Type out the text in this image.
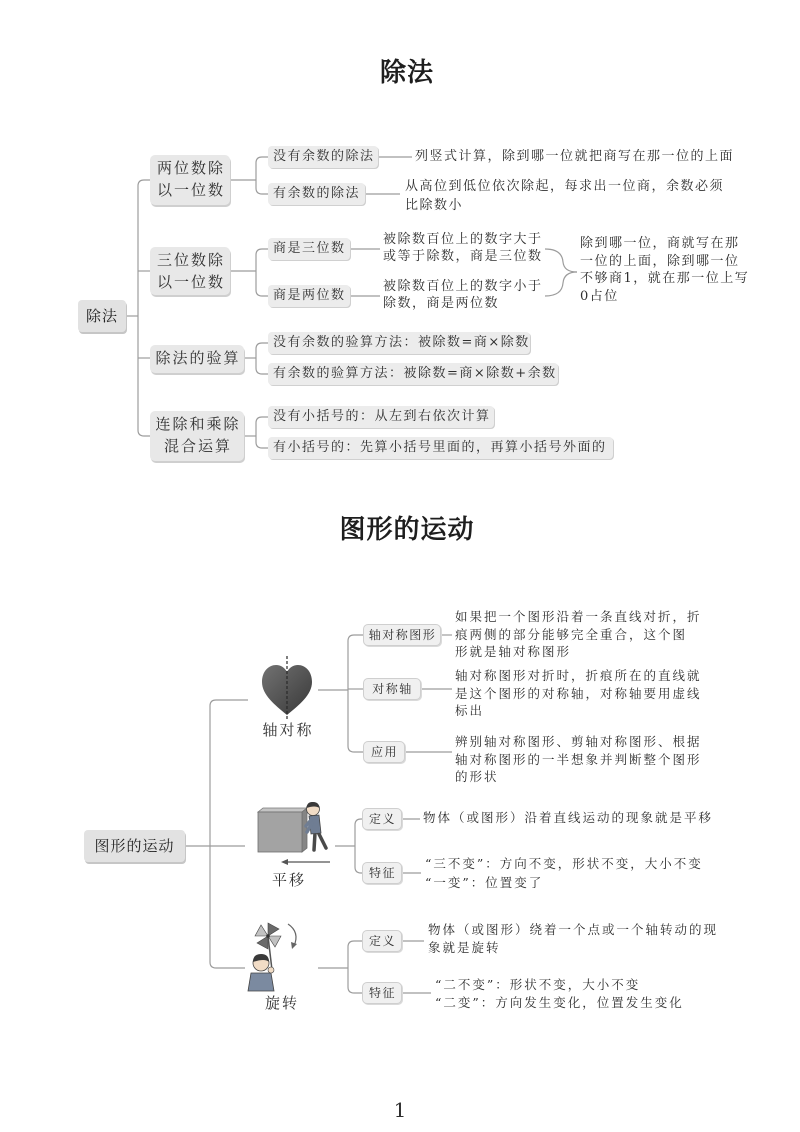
除法
除法
两位数除
以一位数
没有余数的除法	列竖式计算，除到哪一位就把商写在那一位的上面
有余数的除法	从高位到低位依次除起，每求出一位商，余数必须
比除数小
三位数除
以一位数
商是三位数
被除数百位上的数字大于
或等于除数，商是三位数
商是两位数
被除数百位上的数字小于
除数，商是两位数
除到哪一位，商就写在那
一位的上面，除到哪一位
不够商1，就在那一位上写
0占位
除法的验算
没有余数的验算方法：被除数=商×除数
有余数的验算方法：被除数=商×除数+余数
连除和乘除
混合运算
没有小括号的：从左到右依次计算
有小括号的：先算小括号里面的，再算小括号外面的
图形的运动
图形的运动
轴对称
轴对称图形
如果把一个图形沿着一条直线对折，折
痕两侧的部分能够完全重合，这个图
形就是轴对称图形
对称轴
轴对称图形对折时，折痕所在的直线就
是这个图形的对称轴，对称轴要用虚线
标出
应用
辨别轴对称图形、剪轴对称图形、根据
轴对称图形的一半想象并判断整个图形
的形状
平移
定义	物体（或图形）沿着直线运动的现象就是平移
特征
“三不变”：方向不变，形状不变，大小不变
“一变”：位置变了
旋转
定义
物体（或图形）绕着一个点或一个轴转动的现
象就是旋转
特征
“二不变”：形状不变，大小不变
“二变”：方向发生变化，位置发生变化
1
